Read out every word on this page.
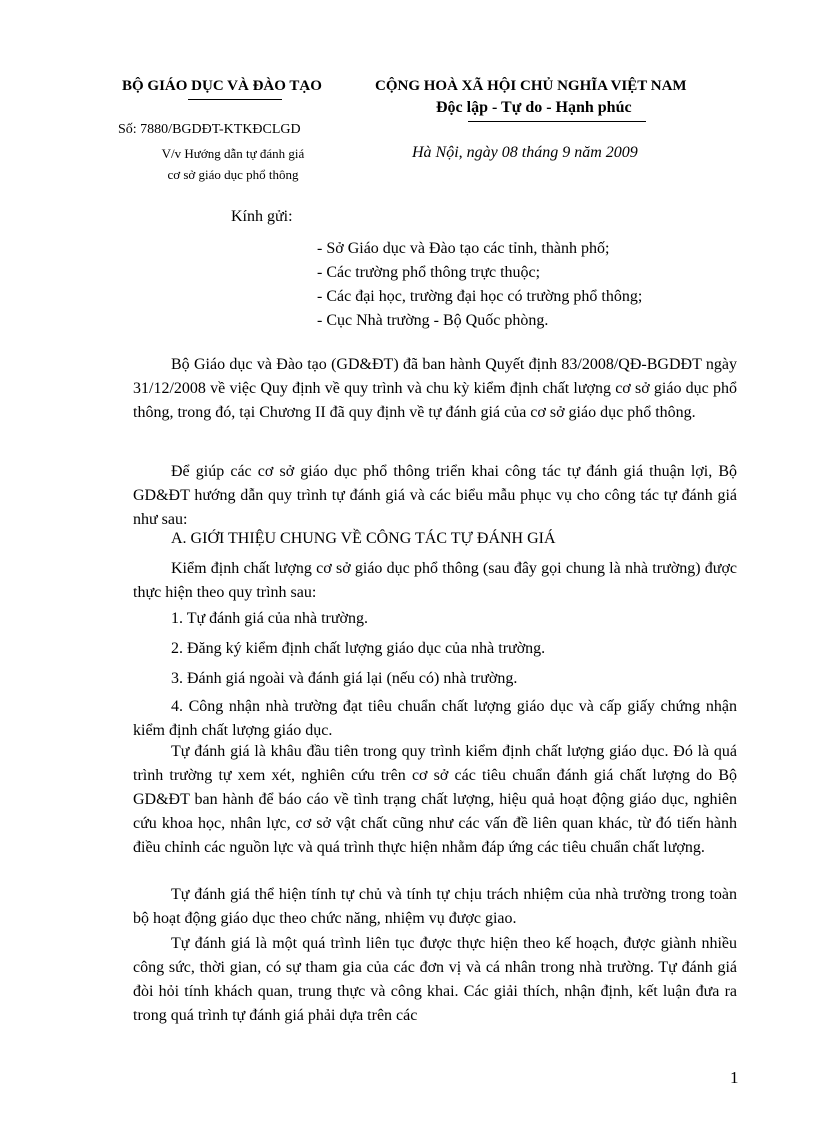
BỘ GIÁO DỤC VÀ ĐÀO TẠO	CỘNG HOÀ XÃ HỘI CHỦ NGHĨA VIỆT NAM
Độc lập - Tự do - Hạnh phúc
Số: 7880/BGDĐT-KTKĐCLGD
V/v Hướng dẫn tự đánh giá
cơ sở giáo dục phổ thông
Hà Nội, ngày 08 tháng 9 năm 2009
Kính gửi:
- Sở Giáo dục và Đào tạo các tỉnh, thành phố;
- Các trường phổ thông trực thuộc;
- Các đại học, trường đại học có trường phổ thông;
- Cục Nhà trường - Bộ Quốc phòng.

Bộ Giáo dục và Đào tạo (GD&ĐT) đã ban hành Quyết định 83/2008/QĐ-BGDĐT ngày 31/12/2008 về việc Quy định về quy trình và chu kỳ kiểm định chất lượng cơ sở giáo dục phổ thông, trong đó, tại Chương II đã quy định về tự đánh giá của cơ sở giáo dục phổ thông.

Để giúp các cơ sở giáo dục phổ thông triển khai công tác tự đánh giá thuận lợi, Bộ GD&ĐT hướng dẫn quy trình tự đánh giá và các biểu mẫu phục vụ cho công tác tự đánh giá như sau:

A. GIỚI THIỆU CHUNG VỀ CÔNG TÁC TỰ ĐÁNH GIÁ

Kiểm định chất lượng cơ sở giáo dục phổ thông (sau đây gọi chung là nhà trường) được thực hiện theo quy trình sau:

1. Tự đánh giá của nhà trường.
2. Đăng ký kiểm định chất lượng giáo dục của nhà trường.
3. Đánh giá ngoài và đánh giá lại (nếu có) nhà trường.

4. Công nhận nhà trường đạt tiêu chuẩn chất lượng giáo dục và cấp giấy chứng nhận kiểm định chất lượng giáo dục.

Tự đánh giá là khâu đầu tiên trong quy trình kiểm định chất lượng giáo dục. Đó là quá trình trường tự xem xét, nghiên cứu trên cơ sở các tiêu chuẩn đánh giá chất lượng do Bộ GD&ĐT ban hành để báo cáo về tình trạng chất lượng, hiệu quả hoạt động giáo dục, nghiên cứu khoa học, nhân lực, cơ sở vật chất cũng như các vấn đề liên quan khác, từ đó tiến hành điều chỉnh các nguồn lực và quá trình thực hiện nhằm đáp ứng các tiêu chuẩn chất lượng.

Tự đánh giá thể hiện tính tự chủ và tính tự chịu trách nhiệm của nhà trường trong toàn bộ hoạt động giáo dục theo chức năng, nhiệm vụ được giao.

Tự đánh giá là một quá trình liên tục được thực hiện theo kế hoạch, được giành nhiều công sức, thời gian, có sự tham gia của các đơn vị và cá nhân trong nhà trường. Tự đánh giá đòi hỏi tính khách quan, trung thực và công khai. Các giải thích, nhận định, kết luận đưa ra trong quá trình tự đánh giá phải dựa trên các

1
